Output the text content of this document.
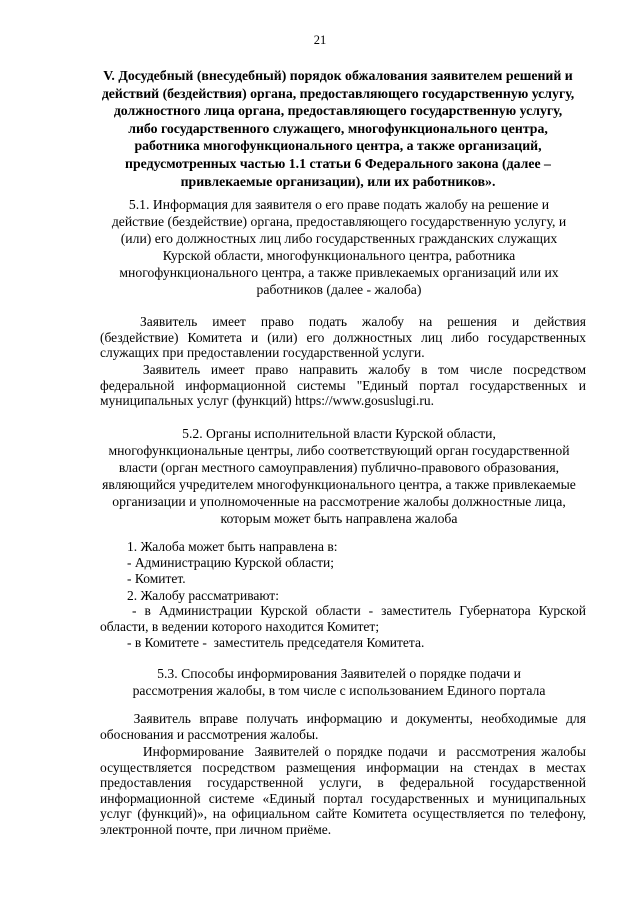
21
V. Досудебный (внесудебный) порядок обжалования заявителем решений и
действий (бездействия) органа, предоставляющего государственную услугу,
должностного лица органа, предоставляющего государственную услугу,
либо государственного служащего, многофункционального центра,
работника многофункционального центра, а также организаций,
предусмотренных частью 1.1 статьи 6 Федерального закона (далее –
привлекаемые организации), или их работников».
5.1. Информация для заявителя о его праве подать жалобу на решение и
действие (бездействие) органа, предоставляющего государственную услугу, и
(или) его должностных лиц либо государственных гражданских служащих
Курской области, многофункционального центра, работника
многофункционального центра, а также привлекаемых организаций или их
работников (далее - жалоба)
Заявитель   имеет   право   подать   жалобу   на   решения   и   действия
(бездействие) Комитета и (или) его должностных лиц либо государственных
служащих при предоставлении государственной услуги.
Заявитель  имеет  право  направить  жалобу  в  том  числе  посредством
федеральной  информационной  системы  "Единый  портал  государственных  и
муниципальных услуг (функций) https://www.gosuslugi.ru.
5.2. Органы исполнительной власти Курской области,
многофункциональные центры, либо соответствующий орган государственной
власти (орган местного самоуправления) публично-правового образования,
являющийся учредителем многофункционального центра, а также привлекаемые
организации и уполномоченные на рассмотрение жалобы должностные лица,
которым может быть направлена жалоба
1. Жалоба может быть направлена в:
- Администрацию Курской области;
- Комитет.
2. Жалобу рассматривают:
-  в  Администрации  Курской  области  -  заместитель  Губернатора  Курской
области, в ведении которого находится Комитет;
- в Комитете -  заместитель председателя Комитета.
5.3. Способы информирования Заявителей о порядке подачи и
рассмотрения жалобы, в том числе с использованием Единого портала
Заявитель  вправе  получать  информацию  и  документы,  необходимые  для
обоснования и рассмотрения жалобы.
Информирование  Заявителей о порядке подачи  и  рассмотрения жалобы
осуществляется  посредством  размещения  информации  на  стендах  в  местах
предоставления  государственной  услуги,  в  федеральной  государственной
информационной системе «Единый портал государственных и муниципальных
услуг (функций)», на официальном сайте Комитета осуществляется по телефону,
электронной почте, при личном приёме.
